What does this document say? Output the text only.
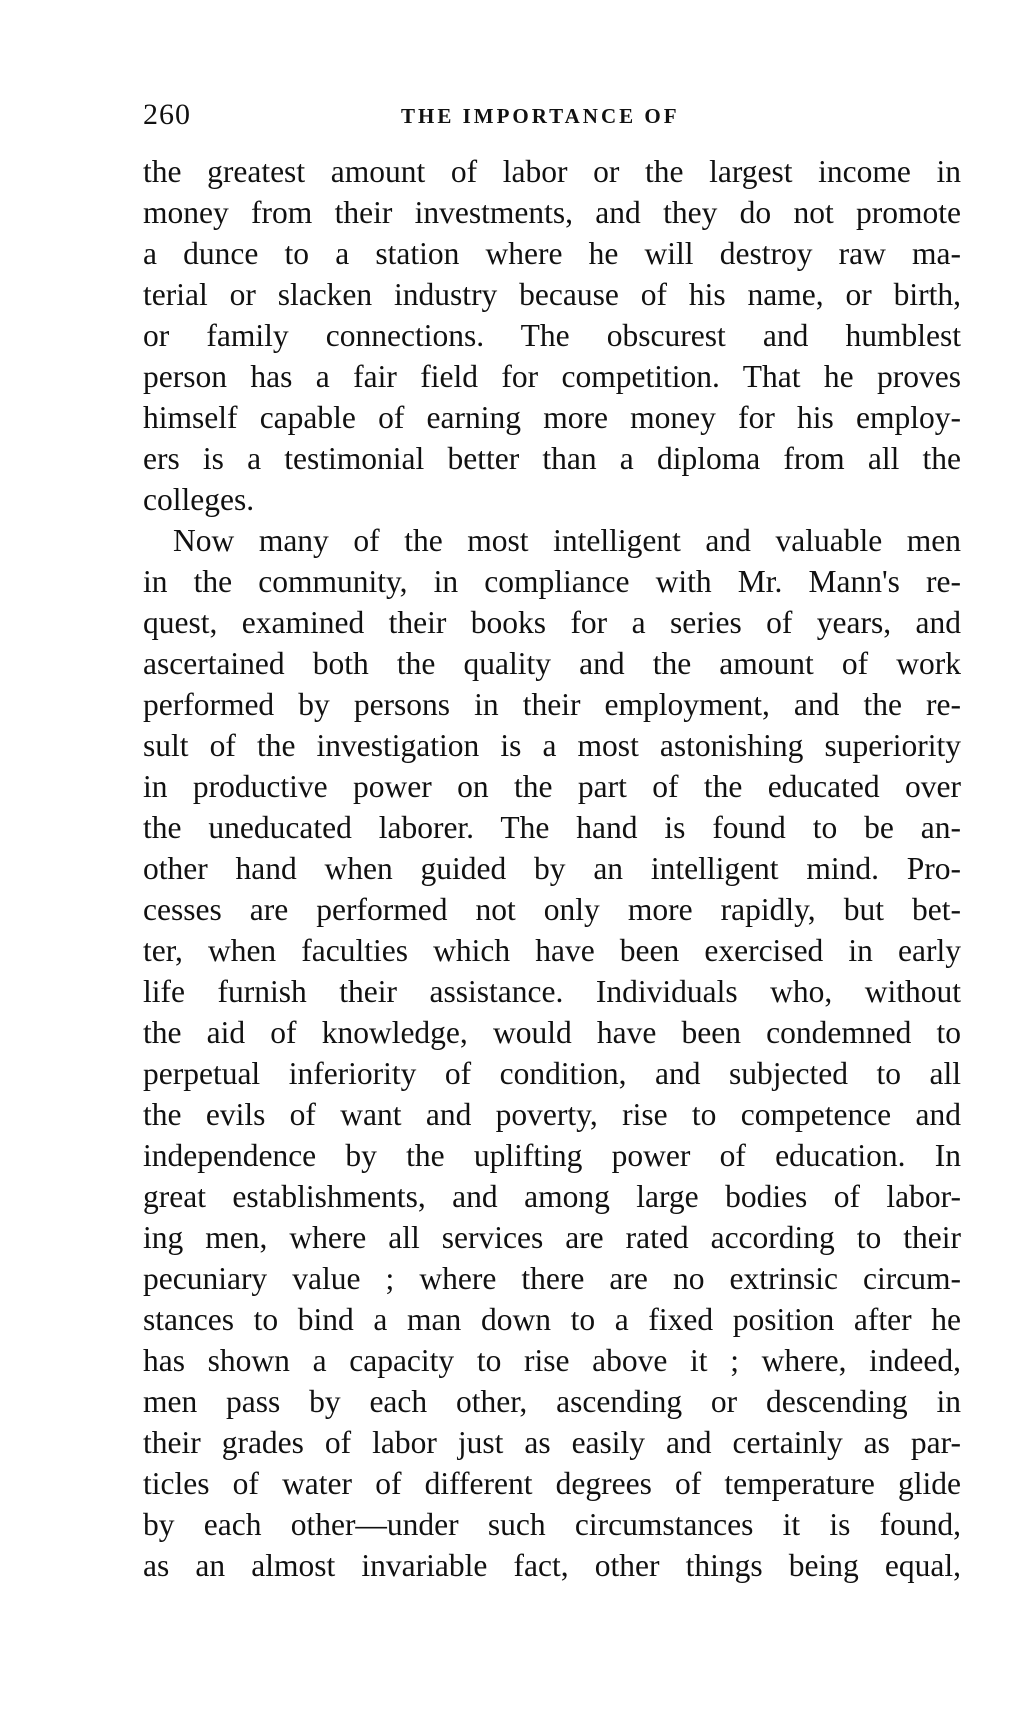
260	THE IMPORTANCE OF
the greatest amount of labor or the largest income in
money from their investments, and they do not promote
a dunce to a station where he will destroy raw ma-
terial or slacken industry because of his name, or birth,
or family connections. The obscurest and humblest
person has a fair field for competition. That he proves
himself capable of earning more money for his employ-
ers is a testimonial better than a diploma from all the
colleges.
Now many of the most intelligent and valuable men
in the community, in compliance with Mr. Mann's re-
quest, examined their books for a series of years, and
ascertained both the quality and the amount of work
performed by persons in their employment, and the re-
sult of the investigation is a most astonishing superiority
in productive power on the part of the educated over
the uneducated laborer. The hand is found to be an-
other hand when guided by an intelligent mind. Pro-
cesses are performed not only more rapidly, but bet-
ter, when faculties which have been exercised in early
life furnish their assistance. Individuals who, without
the aid of knowledge, would have been condemned to
perpetual inferiority of condition, and subjected to all
the evils of want and poverty, rise to competence and
independence by the uplifting power of education. In
great establishments, and among large bodies of labor-
ing men, where all services are rated according to their
pecuniary value ; where there are no extrinsic circum-
stances to bind a man down to a fixed position after he
has shown a capacity to rise above it ; where, indeed,
men pass by each other, ascending or descending in
their grades of labor just as easily and certainly as par-
ticles of water of different degrees of temperature glide
by each other—under such circumstances it is found,
as an almost invariable fact, other things being equal,
